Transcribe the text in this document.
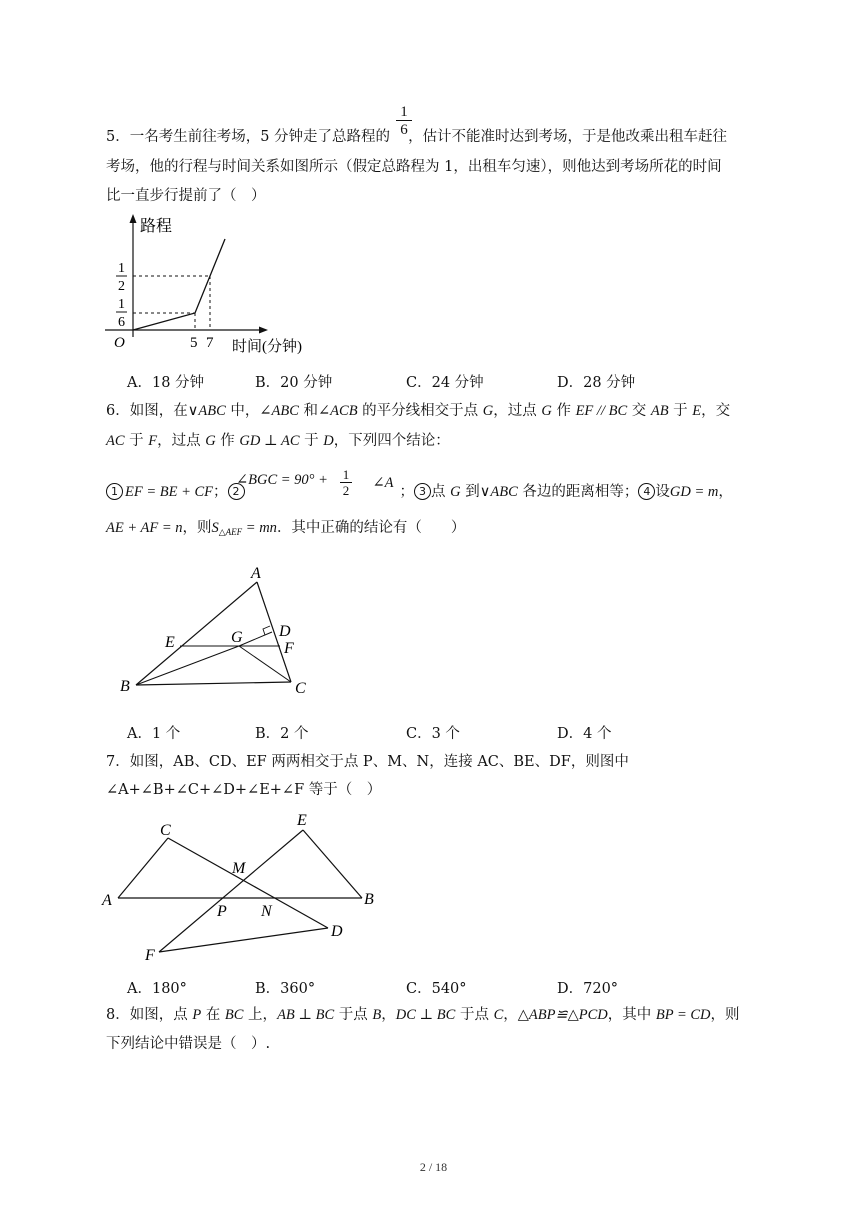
1
6
5．一名考生前往考场，5 分钟走了总路程的 ，估计不能准时达到考场，于是他改乘出租车赶往
考场，他的行程与时间关系如图所示（假定总路程为 1，出租车匀速），则他达到考场所花的时间
比一直步行提前了（　）
路程
时间(分钟)
O	5 7
1
2
1
6
A．18 分钟	B．20 分钟	C．24 分钟	D．28 分钟
6．如图，在∨ABC 中，∠ABC 和∠ACB 的平分线相交于点 G，过点 G 作 EF // BC 交 AB 于 E，交
AC 于 F，过点 G 作 GD ⊥ AC 于 D，下列四个结论：
1
2
∠BGC = 90° +
1 EF = BE + CF； 2∠A； 3 点 G 到∨ABC 各边的距离相等； 4 设GD = m，
AE + AF = n，则$S_{\triangle AEF}$ = mn．其中正确的结论有（　　）
A
B	C
D
E	F
G
A．1 个	B．2 个	C．3 个	D．4 个
7．如图，AB、CD、EF 两两相交于点 P、M、N，连接 AC、BE、DF，则图中
∠A+∠B+∠C+∠D+∠E+∠F 等于（　）
A	B
C
D
E
F
M
N
P
A．180°	B．360°	C．540°	D．720°
8．如图，点 P 在 BC 上，AB ⊥ BC 于点 B，DC ⊥ BC 于点 C，△ABP≌△PCD，其中 BP = CD，则
下列结论中错误是（　）.
2 / 18
